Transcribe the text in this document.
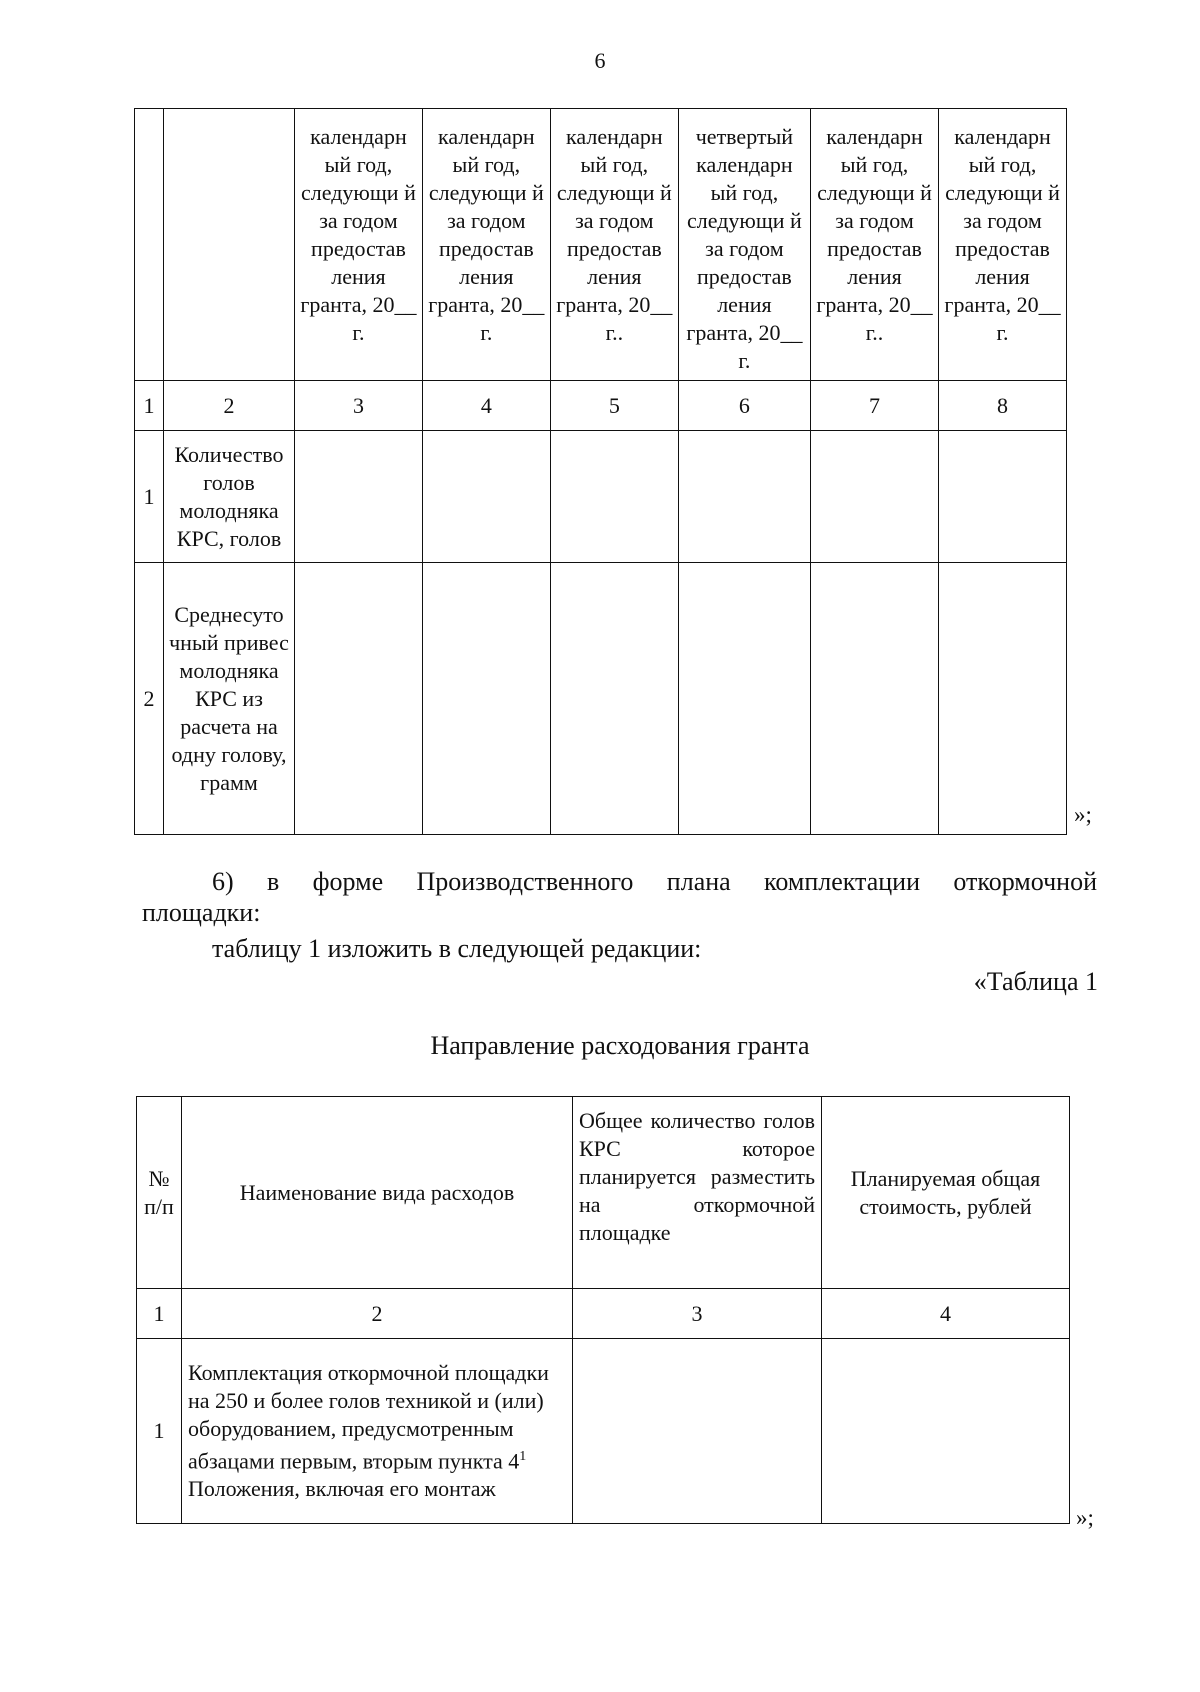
6
		календарн ый год, следующи й за годом предостав ления гранта, 20__ г.	календарн ый год, следующи й за годом предостав ления гранта, 20__ г.	календарн ый год, следующи й за годом предостав ления гранта, 20__ г..	четвертый календарн ый год, следующи й за годом предостав ления гранта, 20__ г.	календарн ый год, следующи й за годом предостав ления гранта, 20__ г..	календарн ый год, следующи й за годом предостав ления гранта, 20__ г.
1	2	3	4	5	6	7	8
1	Количество голов молодняка КРС, голов						
2	Среднесуто чный привес молодняка КРС из расчета на одну голову, грамм						
»;
6) в форме Производственного плана комплектации откормочной
площадки:
таблицу 1 изложить в следующей редакции:
«Таблица 1
Направление расходования гранта
№ п/п	Наименование вида расходов	Общее количество голов КРС которое планируется разместить на откормочной площадке	Планируемая общая стоимость, рублей
1	2	3	4
1	Комплектация откормочной площадки на 250 и более голов техникой и (или) оборудованием, предусмотренным абзацами первым, вторым пункта $4^1$
Положения, включая его монтаж		
»;
